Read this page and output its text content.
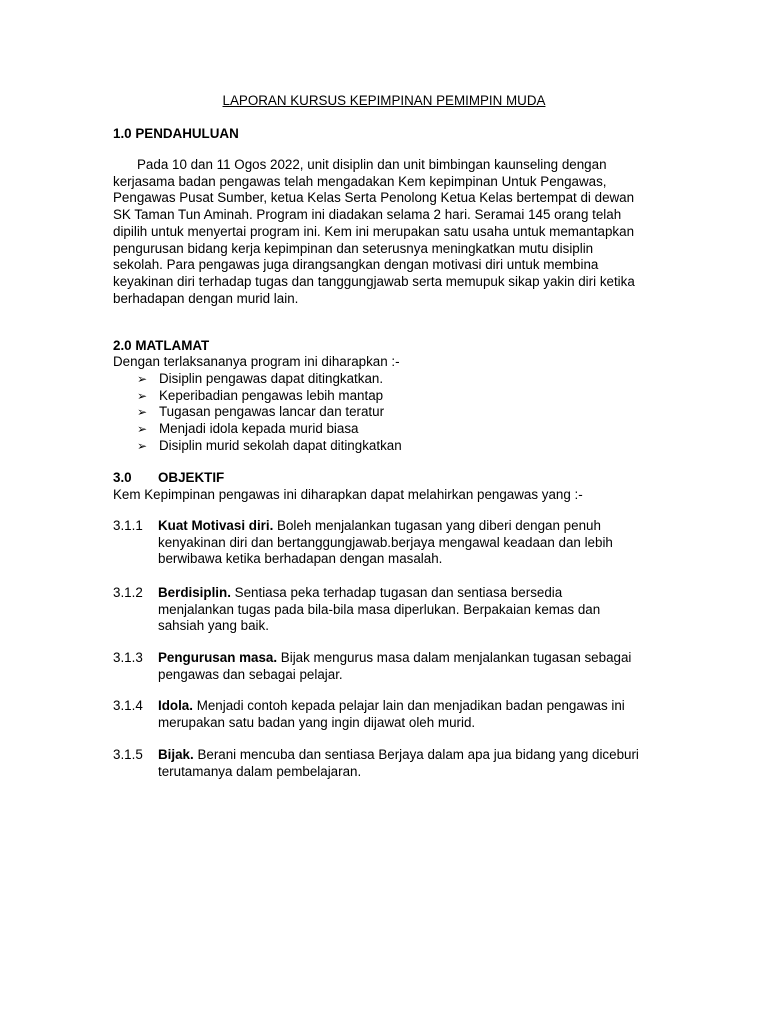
LAPORAN KURSUS KEPIMPINAN PEMIMPIN MUDA
1.0 PENDAHULUAN
Pada 10 dan 11 Ogos 2022, unit disiplin dan unit bimbingan kaunseling dengan
kerjasama badan pengawas telah mengadakan Kem kepimpinan Untuk Pengawas,
Pengawas Pusat Sumber, ketua Kelas Serta Penolong Ketua Kelas bertempat di dewan
SK Taman Tun Aminah. Program ini diadakan selama 2 hari. Seramai 145 orang telah
dipilih untuk menyertai program ini. Kem ini merupakan satu usaha untuk memantapkan
pengurusan bidang kerja kepimpinan dan seterusnya meningkatkan mutu disiplin
sekolah. Para pengawas juga dirangsangkan dengan motivasi diri untuk membina
keyakinan diri terhadap tugas dan tanggungjawab serta memupuk sikap yakin diri ketika
berhadapan dengan murid lain.
2.0 MATLAMAT
Dengan terlaksananya program ini diharapkan :-
➢ Disiplin pengawas dapat ditingkatkan.
➢ Keperibadian pengawas lebih mantap
➢ Tugasan pengawas lancar dan teratur
➢ Menjadi idola kepada murid biasa
➢ Disiplin murid sekolah dapat ditingkatkan
3.0 OBJEKTIF
Kem Kepimpinan pengawas ini diharapkan dapat melahirkan pengawas yang :-
3.1.1 Kuat Motivasi diri. Boleh menjalankan tugasan yang diberi dengan penuh
kenyakinan diri dan bertanggungjawab.berjaya mengawal keadaan dan lebih
berwibawa ketika berhadapan dengan masalah.
3.1.2 Berdisiplin. Sentiasa peka terhadap tugasan dan sentiasa bersedia
menjalankan tugas pada bila-bila masa diperlukan. Berpakaian kemas dan
sahsiah yang baik.
3.1.3 Pengurusan masa. Bijak mengurus masa dalam menjalankan tugasan sebagai
pengawas dan sebagai pelajar.
3.1.4 Idola. Menjadi contoh kepada pelajar lain dan menjadikan badan pengawas ini
merupakan satu badan yang ingin dijawat oleh murid.
3.1.5 Bijak. Berani mencuba dan sentiasa Berjaya dalam apa jua bidang yang diceburi
terutamanya dalam pembelajaran.
